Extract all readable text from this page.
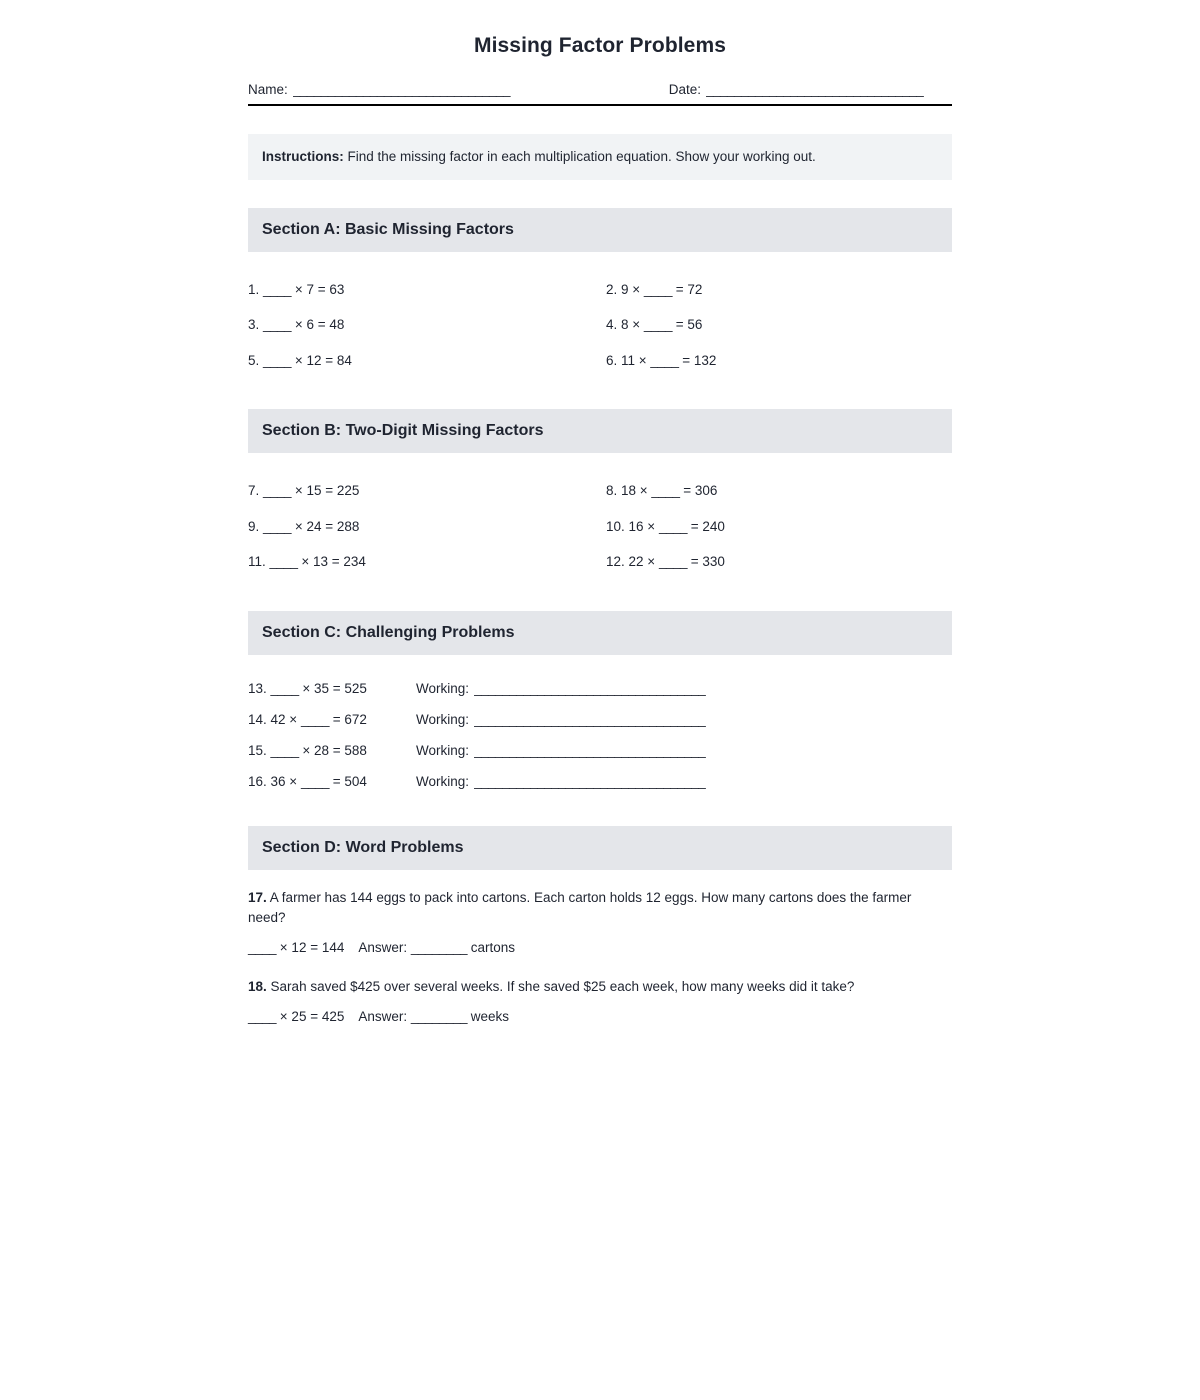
Missing Factor Problems
Name: _______________________________	Date: _______________________________
Instructions: Find the missing factor in each multiplication equation. Show your working out.
Section A: Basic Missing Factors
1. ____ × 7 = 63	2. 9 × ____ = 72
3. ____ × 6 = 48	4. 8 × ____ = 56
5. ____ × 12 = 84	6. 11 × ____ = 132
Section B: Two-Digit Missing Factors
7. ____ × 15 = 225	8. 18 × ____ = 306
9. ____ × 24 = 288	10. 16 × ____ = 240
11. ____ × 13 = 234	12. 22 × ____ = 330
Section C: Challenging Problems
13. ____ × 35 = 525	Working: _________________________________
14. 42 × ____ = 672	Working: _________________________________
15. ____ × 28 = 588	Working: _________________________________
16. 36 × ____ = 504	Working: _________________________________
Section D: Word Problems

17. A farmer has 144 eggs to pack into cartons. Each carton holds 12 eggs. How many cartons does the farmer need?

____ × 12 = 144 Answer: ________ cartons

18. Sarah saved $425 over several weeks. If she saved $25 each week, how many weeks did it take?

____ × 25 = 425 Answer: ________ weeks
